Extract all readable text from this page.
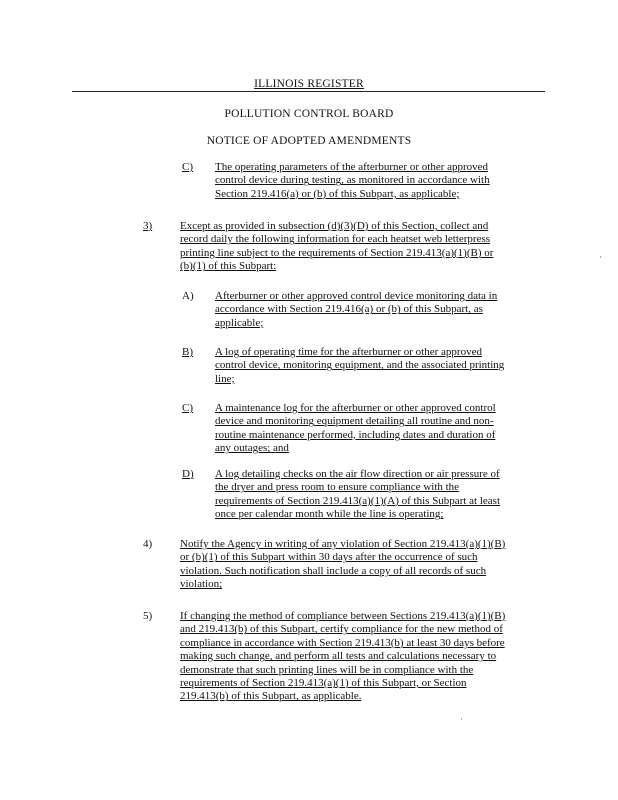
ILLINOIS REGISTER
POLLUTION CONTROL BOARD
NOTICE OF ADOPTED AMENDMENTS
C) The operating parameters of the afterburner or other approved
control device during testing, as monitored in accordance with
Section 219.416(a) or (b) of this Subpart, as applicable;
3)	Except as provided in subsection (d)(3)(D) of this Section, collect and
record daily the following information for each heatset web letterpress
printing line subject to the requirements of Section 219.413(a)(1)(B) or
(b)(1) of this Subpart:
A) Afterburner or other approved control device monitoring data in
accordance with Section 219.416(a) or (b) of this Subpart, as
applicable;
B) A log of operating time for the afterburner or other approved
control device, monitoring equipment, and the associated printing
line;
C) A maintenance log for the afterburner or other approved control
device and monitoring equipment detailing all routine and non-
routine maintenance performed, including dates and duration of
any outages; and
D) A log detailing checks on the air flow direction or air pressure of
the dryer and press room to ensure compliance with the
requirements of Section 219.413(a)(1)(A) of this Subpart at least
once per calendar month while the line is operating;
4)	Notify the Agency in writing of any violation of Section 219.413(a)(1)(B)
or (b)(1) of this Subpart within 30 days after the occurrence of such
violation. Such notification shall include a copy of all records of such
violation;
5)	If changing the method of compliance between Sections 219.413(a)(1)(B)
and 219.413(b) of this Subpart, certify compliance for the new method of
compliance in accordance with Section 219.413(b) at least 30 days before
making such change, and perform all tests and calculations necessary to
demonstrate that such printing lines will be in compliance with the
requirements of Section 219.413(a)(1) of this Subpart, or Section
219.413(b) of this Subpart, as applicable.
·
·
